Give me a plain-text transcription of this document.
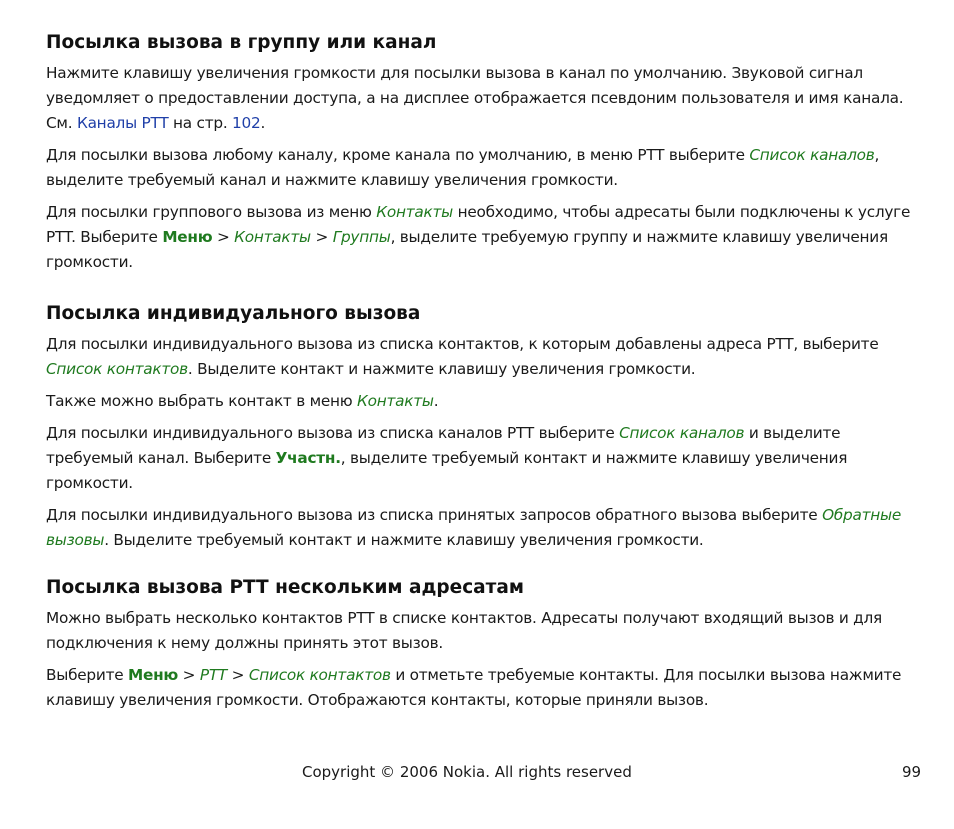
Посылка вызова в группу или канал

Нажмите клавишу увеличения громкости для посылки вызова в канал по умолчанию. Звуковой сигнал уведомляет о предоставлении доступа, а на дисплее отображается псевдоним пользователя и имя канала. См. Каналы PTT на стр. 102.

Для посылки вызова любому каналу, кроме канала по умолчанию, в меню PTT выберите Список каналов, выделите требуемый канал и нажмите клавишу увеличения громкости.

Для посылки группового вызова из меню Контакты необходимо, чтобы адресаты были подключены к услуге PTT. Выберите Меню > Контакты > Группы, выделите требуемую группу и нажмите клавишу увеличения громкости.

Посылка индивидуального вызова

Для посылки индивидуального вызова из списка контактов, к которым добавлены адреса PTT, выберите Список контактов. Выделите контакт и нажмите клавишу увеличения громкости.

Также можно выбрать контакт в меню Контакты.

Для посылки индивидуального вызова из списка каналов PTT выберите Список каналов и выделите требуемый канал. Выберите Участн., выделите требуемый контакт и нажмите клавишу увеличения громкости.

Для посылки индивидуального вызова из списка принятых запросов обратного вызова выберите Обратные вызовы. Выделите требуемый контакт и нажмите клавишу увеличения громкости.

Посылка вызова PTT нескольким адресатам

Можно выбрать несколько контактов PTT в списке контактов. Адресаты получают входящий вызов и для подключения к нему должны принять этот вызов.

Выберите Меню > PTT > Список контактов и отметьте требуемые контакты. Для посылки вызова нажмите клавишу увеличения громкости. Отображаются контакты, которые приняли вызов.

Copyright © 2006 Nokia. All rights reserved	99
